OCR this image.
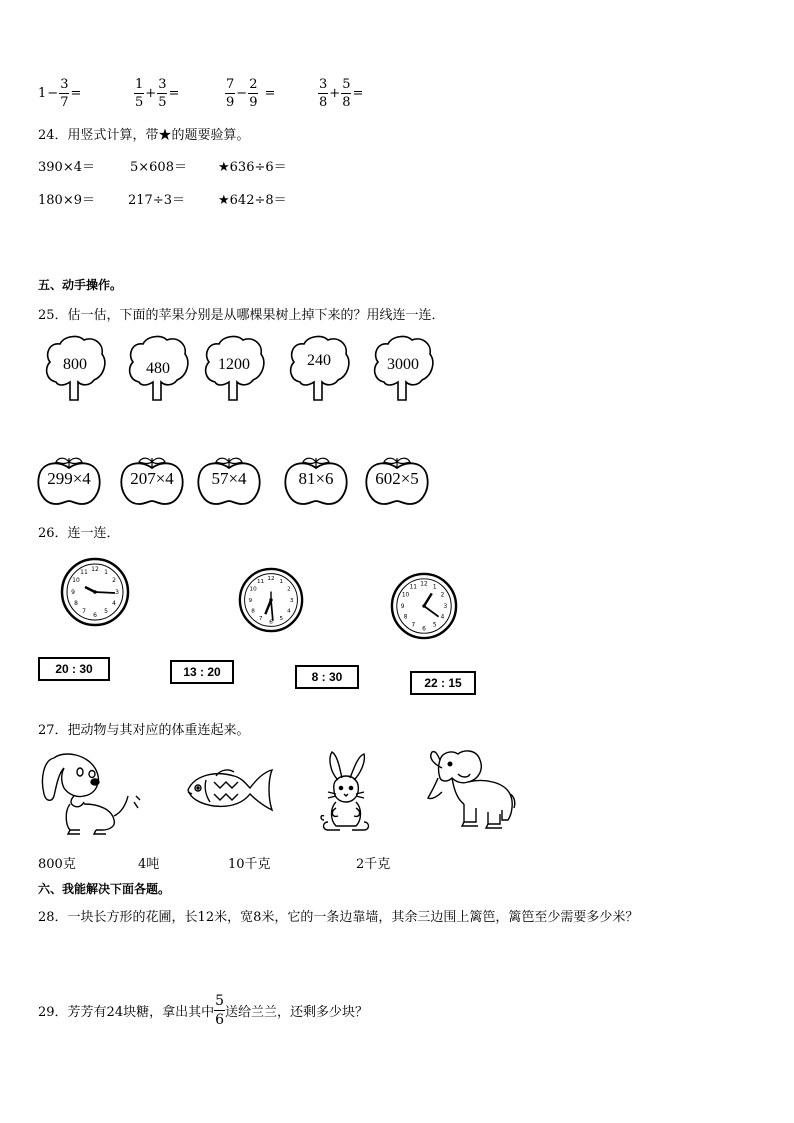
$1 - \frac{3}{7}$ =	$\frac{1}{5} + \frac{3}{5}$ =	$\frac{7}{9} - \frac{2}{9}$ =	$\frac{3}{8} + \frac{5}{8}$ =
24．用竖式计算，带★的题要验算。
390×4＝	5×608＝ ★636÷6＝
180×9＝	217÷3＝	★642÷8＝
五、动手操作。
25．估一估，下面的苹果分别是从哪棵果树上掉下来的？用线连一连．
800	480	1200	240	3000
299×4	207×4	57×4	81×6	602×5
26．连一连．
12 1
2
3
4
5
6
7
8
9
10
11
12 1
2
3
4
5
6
7
8
9
10
11	12 1
2
3
4
5
6
7
8
9
10
11
20 : 30	13 : 20	8 : 30	22 : 15
27．把动物与其对应的体重连起来。
800克	4吨	10千克	2千克
六、我能解决下面各题。
28．一块长方形的花圃，长12米，宽8米，它的一条边靠墙，其余三边围上篱笆，篱笆至少需要多少米？
29．芳芳有24块糖，拿出其中 $\frac{5}{6}$ 送给兰兰，还剩多少块？
